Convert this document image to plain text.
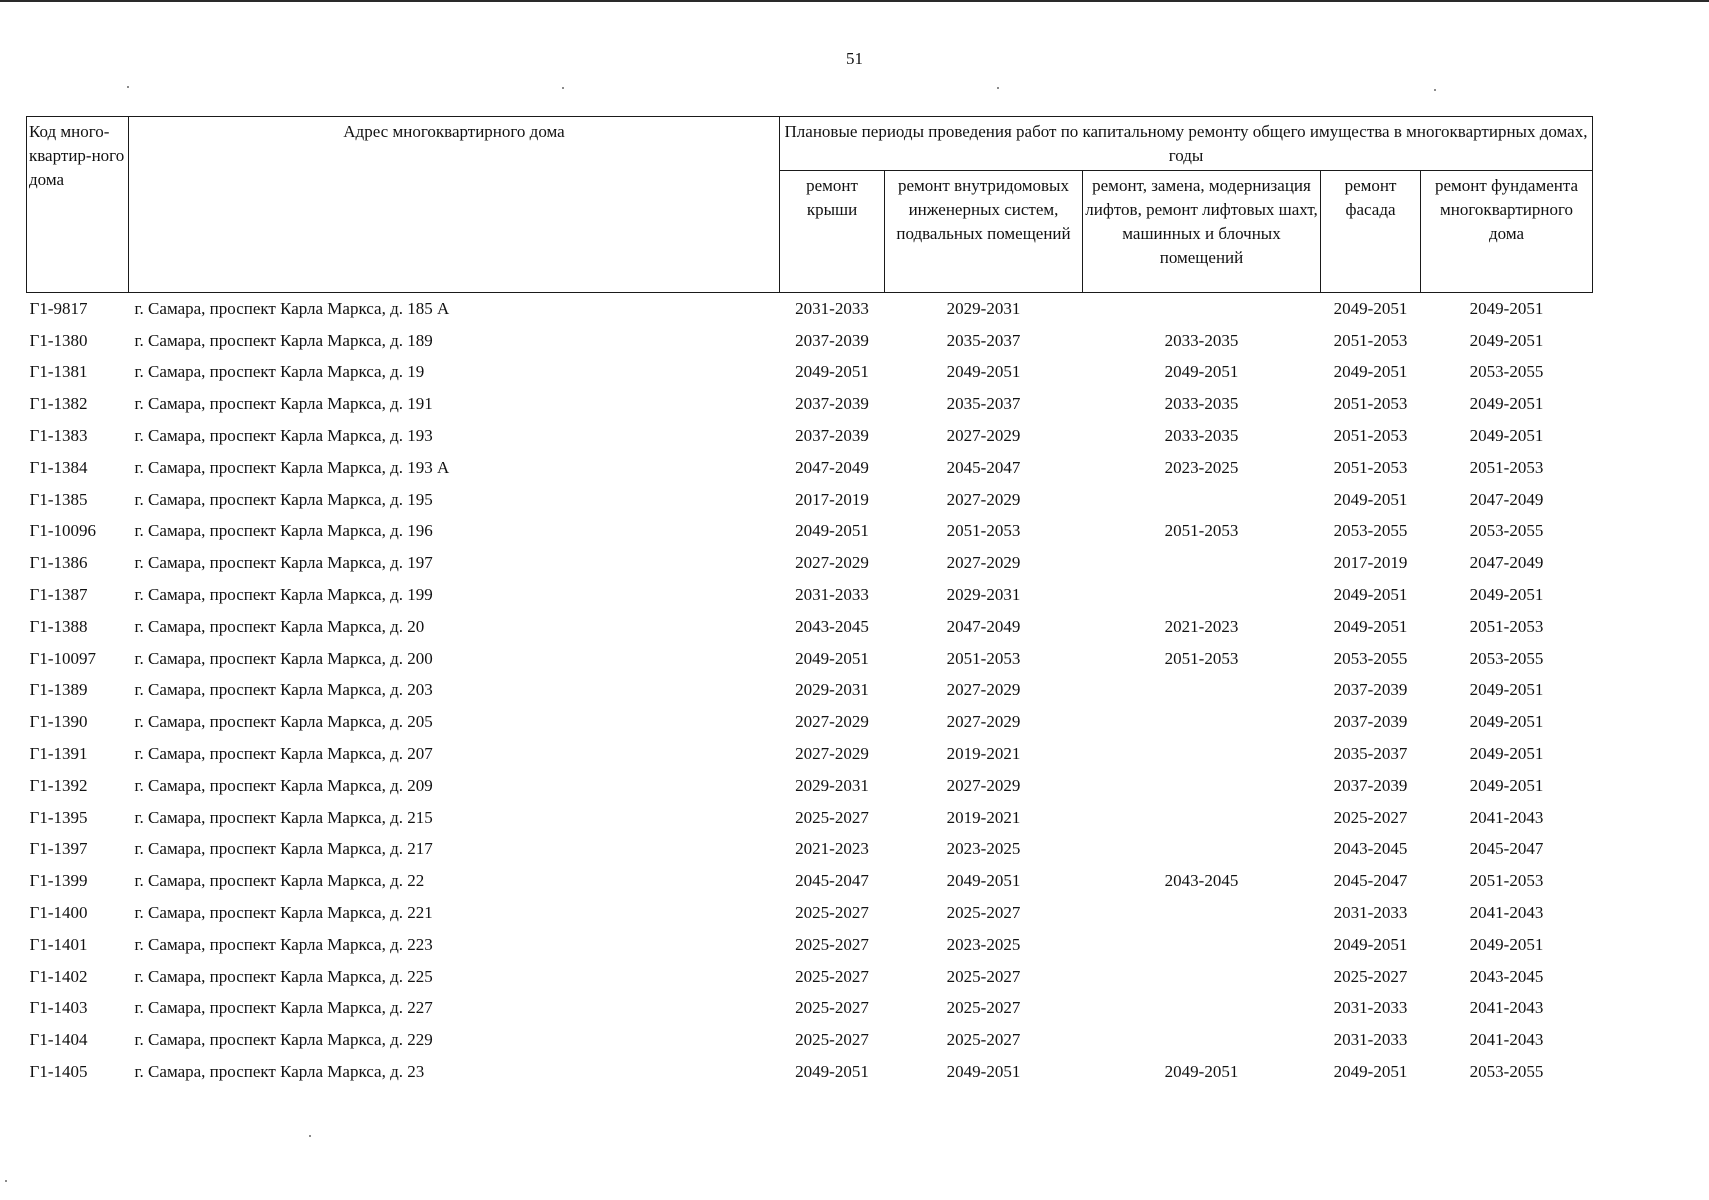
51
Код много-квартир-ного дома	Адрес многоквартирного дома	Плановые периоды проведения работ по капитальному ремонту общего имущества в многоквартирных домах, годы				
		ремонт крыши	ремонт внутридомовых инженерных систем, подвальных помещений	ремонт, замена, модернизация лифтов, ремонт лифтовых шахт, машинных и блочных помещений	ремонт фасада	ремонт фундамента многоквартирного дома
Г1-9817	г. Самара, проспект Карла Маркса, д. 185 А	2031-2033	2029-2031		2049-2051	2049-2051
Г1-1380	г. Самара, проспект Карла Маркса, д. 189	2037-2039	2035-2037	2033-2035	2051-2053	2049-2051
Г1-1381	г. Самара, проспект Карла Маркса, д. 19	2049-2051	2049-2051	2049-2051	2049-2051	2053-2055
Г1-1382	г. Самара, проспект Карла Маркса, д. 191	2037-2039	2035-2037	2033-2035	2051-2053	2049-2051
Г1-1383	г. Самара, проспект Карла Маркса, д. 193	2037-2039	2027-2029	2033-2035	2051-2053	2049-2051
Г1-1384	г. Самара, проспект Карла Маркса, д. 193 А	2047-2049	2045-2047	2023-2025	2051-2053	2051-2053
Г1-1385	г. Самара, проспект Карла Маркса, д. 195	2017-2019	2027-2029		2049-2051	2047-2049
Г1-10096	г. Самара, проспект Карла Маркса, д. 196	2049-2051	2051-2053	2051-2053	2053-2055	2053-2055
Г1-1386	г. Самара, проспект Карла Маркса, д. 197	2027-2029	2027-2029		2017-2019	2047-2049
Г1-1387	г. Самара, проспект Карла Маркса, д. 199	2031-2033	2029-2031		2049-2051	2049-2051
Г1-1388	г. Самара, проспект Карла Маркса, д. 20	2043-2045	2047-2049	2021-2023	2049-2051	2051-2053
Г1-10097	г. Самара, проспект Карла Маркса, д. 200	2049-2051	2051-2053	2051-2053	2053-2055	2053-2055
Г1-1389	г. Самара, проспект Карла Маркса, д. 203	2029-2031	2027-2029		2037-2039	2049-2051
Г1-1390	г. Самара, проспект Карла Маркса, д. 205	2027-2029	2027-2029		2037-2039	2049-2051
Г1-1391	г. Самара, проспект Карла Маркса, д. 207	2027-2029	2019-2021		2035-2037	2049-2051
Г1-1392	г. Самара, проспект Карла Маркса, д. 209	2029-2031	2027-2029		2037-2039	2049-2051
Г1-1395	г. Самара, проспект Карла Маркса, д. 215	2025-2027	2019-2021		2025-2027	2041-2043
Г1-1397	г. Самара, проспект Карла Маркса, д. 217	2021-2023	2023-2025		2043-2045	2045-2047
Г1-1399	г. Самара, проспект Карла Маркса, д. 22	2045-2047	2049-2051	2043-2045	2045-2047	2051-2053
Г1-1400	г. Самара, проспект Карла Маркса, д. 221	2025-2027	2025-2027		2031-2033	2041-2043
Г1-1401	г. Самара, проспект Карла Маркса, д. 223	2025-2027	2023-2025		2049-2051	2049-2051
Г1-1402	г. Самара, проспект Карла Маркса, д. 225	2025-2027	2025-2027		2025-2027	2043-2045
Г1-1403	г. Самара, проспект Карла Маркса, д. 227	2025-2027	2025-2027		2031-2033	2041-2043
Г1-1404	г. Самара, проспект Карла Маркса, д. 229	2025-2027	2025-2027		2031-2033	2041-2043
Г1-1405	г. Самара, проспект Карла Маркса, д. 23	2049-2051	2049-2051	2049-2051	2049-2051	2053-2055
